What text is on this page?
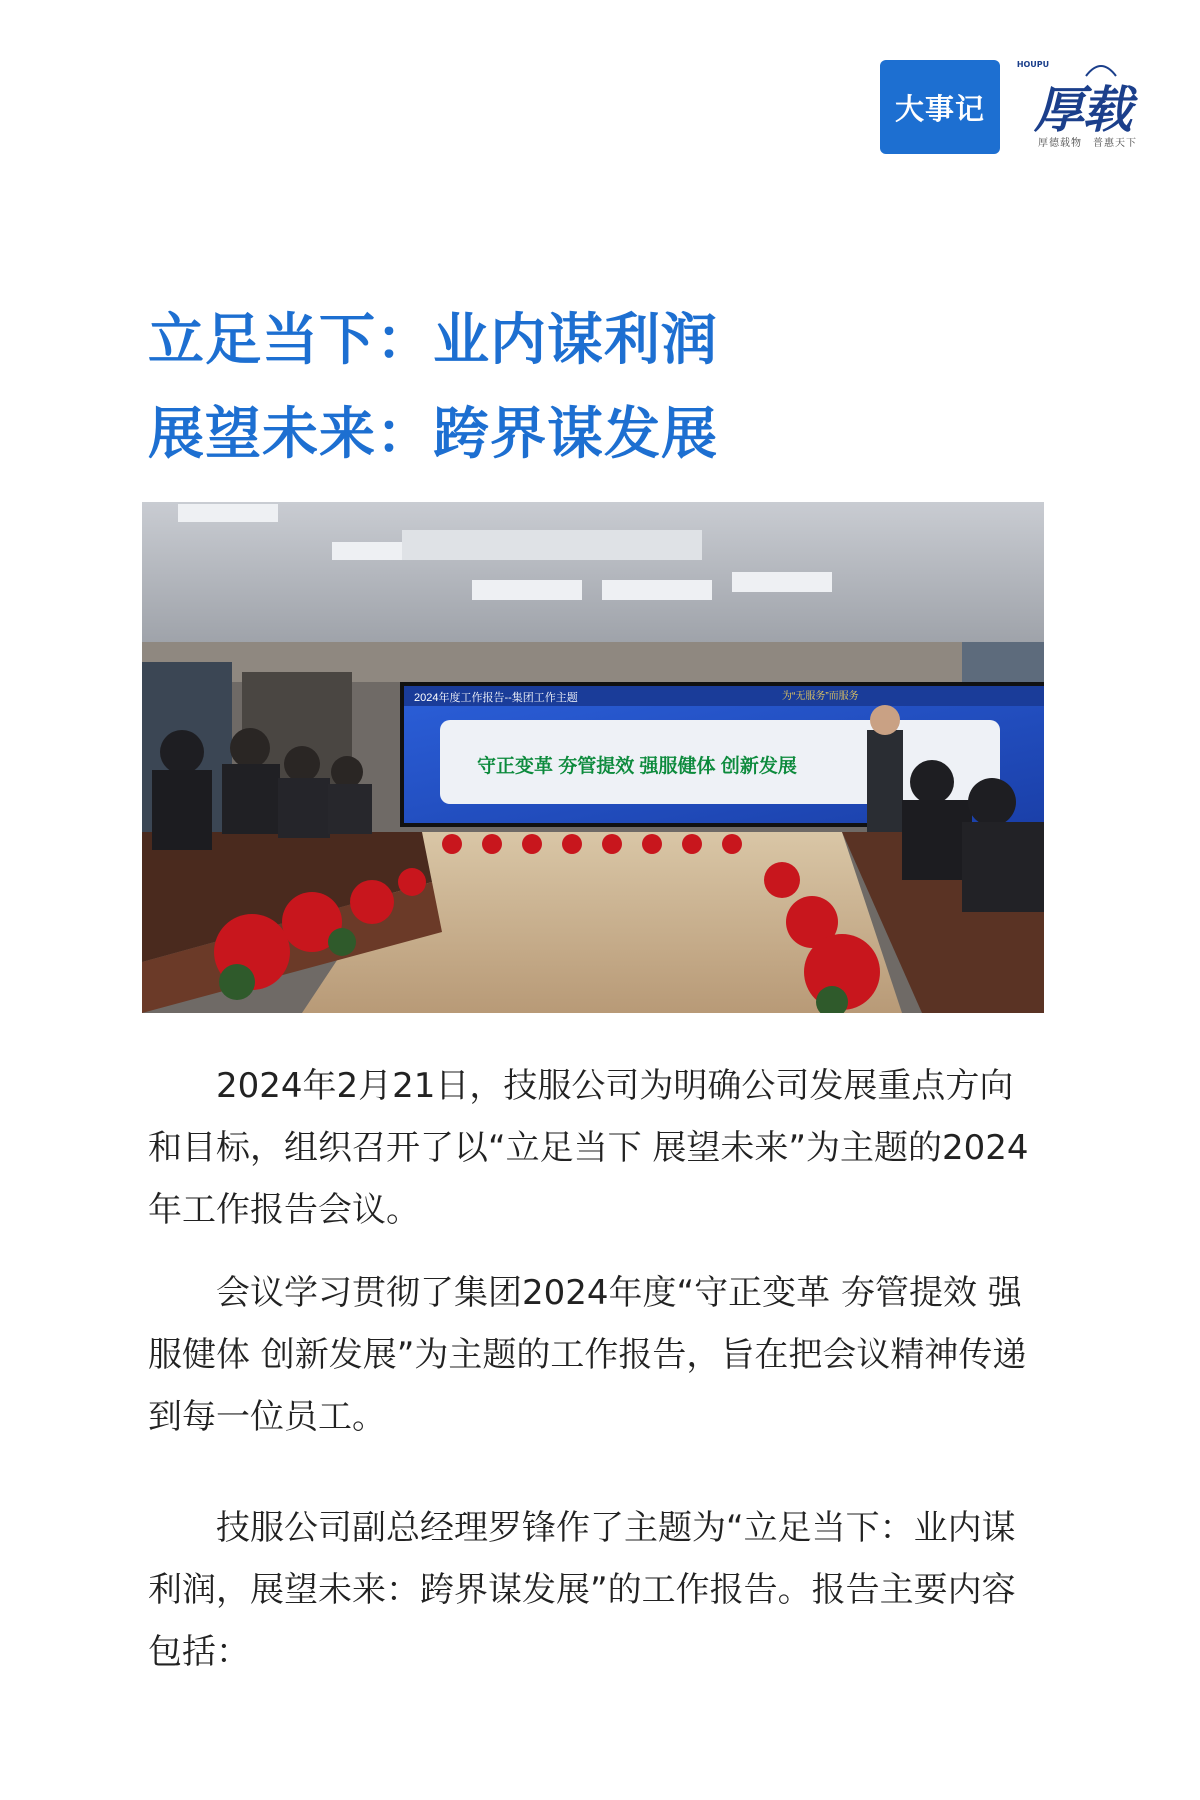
大事记
HOUPU
厚载
厚德载物　普惠天下
立足当下：业内谋利润
展望未来：跨界谋发展
2024年度工作报告--集团工作主题	为“无服务”而服务
守正变革 夯管提效 强服健体 创新发展

2024年2月21日，技服公司为明确公司发展重点方向和目标，组织召开了以“立足当下 展望未来”为主题的2024年工作报告会议。

会议学习贯彻了集团2024年度“守正变革 夯管提效 强服健体 创新发展”为主题的工作报告，旨在把会议精神传递到每一位员工。

技服公司副总经理罗锋作了主题为“立足当下：业内谋利润，展望未来：跨界谋发展”的工作报告。报告主要内容包括：
